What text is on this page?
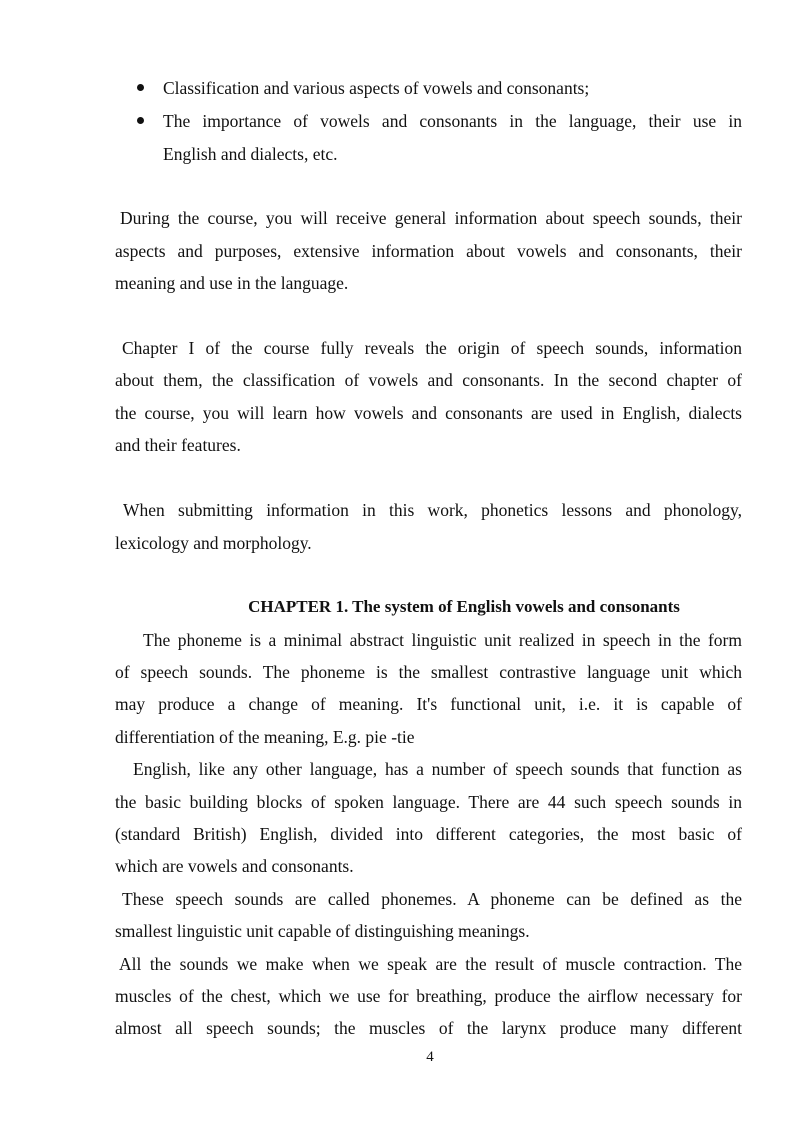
Classification and various aspects of vowels and consonants;
The importance of vowels and consonants in the language, their use in
English and dialects, etc.
During the course, you will receive general information about speech sounds, their
aspects and purposes, extensive information about vowels and consonants, their
meaning and use in the language.
Chapter I of the course fully reveals the origin of speech sounds, information
about them, the classification of vowels and consonants. In the second chapter of
the course, you will learn how vowels and consonants are used in English, dialects
and their features.
When submitting information in this work, phonetics lessons and phonology,
lexicology and morphology.
CHAPTER 1. The system of English vowels and consonants
The phoneme is a minimal abstract linguistic unit realized in speech in the form
of speech sounds. The phoneme is the smallest contrastive language unit which
may produce a change of meaning. It's functional unit, i.e. it is capable of
differentiation of the meaning, E.g. pie -tie
English, like any other language, has a number of speech sounds that function as
the basic building blocks of spoken language. There are 44 such speech sounds in
(standard British) English, divided into different categories, the most basic of
which are vowels and consonants.
These speech sounds are called phonemes. A phoneme can be defined as the
smallest linguistic unit capable of distinguishing meanings.
All the sounds we make when we speak are the result of muscle contraction. The
muscles of the chest, which we use for breathing, produce the airflow necessary for
almost all speech sounds; the muscles of the larynx produce many different
4
